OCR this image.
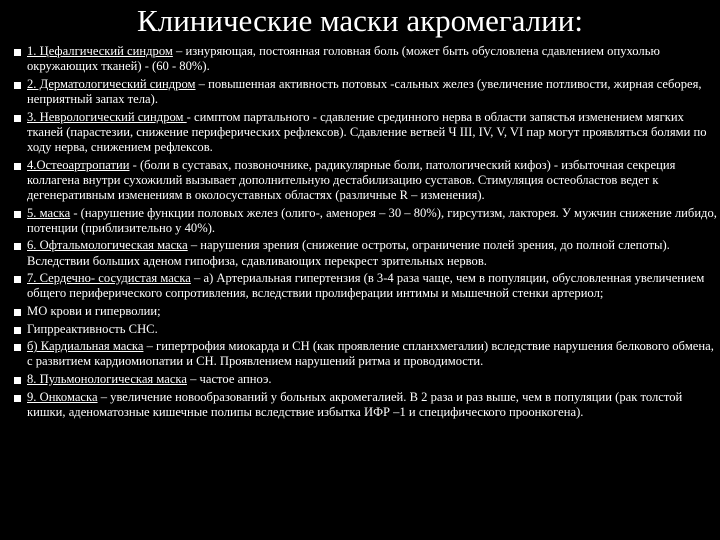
Клинические маски акромегалии:

1. Цефалгический синдром – изнуряющая, постоянная головная боль (может быть обусловлена сдавлением опухолью окружающих тканей) - (60 - 80%).

2. Дерматологический синдром – повышенная активность потовых -сальных желез (увеличение потливости, жирная себорея, неприятный запах тела).

3. Неврологический синдром - симптом партального - сдавление срединного нерва в области запястья изменением мягких тканей (парастезии, снижение периферических рефлексов). Сдавление ветвей Ч III, IV, V, VI пар могут проявляться болями по ходу нерва, снижением рефлексов.

4.Остеоартропатии - (боли в суставах, позвоночнике, радикулярные боли, патологический кифоз) - избыточная секреция коллагена внутри сухожилий вызывает дополнительную дестабилизацию суставов. Стимуляция остеобластов ведет к дегенеративным изменениям в околосуставных областях (различные R – изменения).

5. маска - (нарушение функции половых желез (олиго-, аменорея – 30 – 80%), гирсутизм, лакторея. У мужчин снижение либидо, потенции (приблизительно у 40%).

6. Офтальмологическая маска – нарушения зрения (снижение остроты, ограничение полей зрения, до полной слепоты). Вследствии больших аденом гипофиза, сдавливающих перекрест зрительных нервов.

7. Сердечно- сосудистая маска – а) Артериальная гипертензия (в 3-4 раза чаще, чем в популяции, обусловленная увеличением общего периферического сопротивления, вследствии пролиферации интимы и мышечной стенки артериол;

МО крови и гиперволии;

Гипрреактивность СНС.

б) Кардиальная маска – гипертрофия миокарда и СН (как проявление спланхмегалии) вследствие нарушения белкового обмена, с развитием кардиомиопатии и СН. Проявлением нарушений ритма и проводимости.

8. Пульмонологическая маска – частое апноэ.

9. Онкомаска – увеличение новообразований у больных акромегалией. В 2 раза и раз выше, чем в популяции (рак толстой кишки, аденоматозные кишечные полипы вследствие избытка ИФР –1 и специфического проонкогена).
